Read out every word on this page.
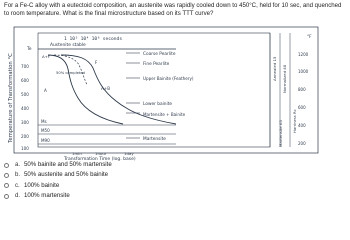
For a Fe-C alloy with a eutectoid composition, an austenite was rapidly cooled down to 450°C, held for 10 sec, and quenched to room temperature. What is the final microstructure based on its TTT curve?
Temperature of Transformation °C
1 10² 10⁴ 10⁶ seconds
Austenite stable
°F
Te
700
600
500
400
300
200
100
1200
1000
800
600
400
200
A+F
F
A+B
A
Ms
M50
M90
50% completed
Coarse Pearlite
Fine Pearlite
Upper Bainite (Feathery)
Lower bainite
Martensite + Bainite
Martensite
Annealed 15 Normalized 40
Hardness Rc
Martensite 65
1min	1hour	1day
Transformation Time (log. base)
a. 50% bainite and 50% martensite
b. 50% austenite and 50% bainite
c. 100% bainite
d. 100% martensite
